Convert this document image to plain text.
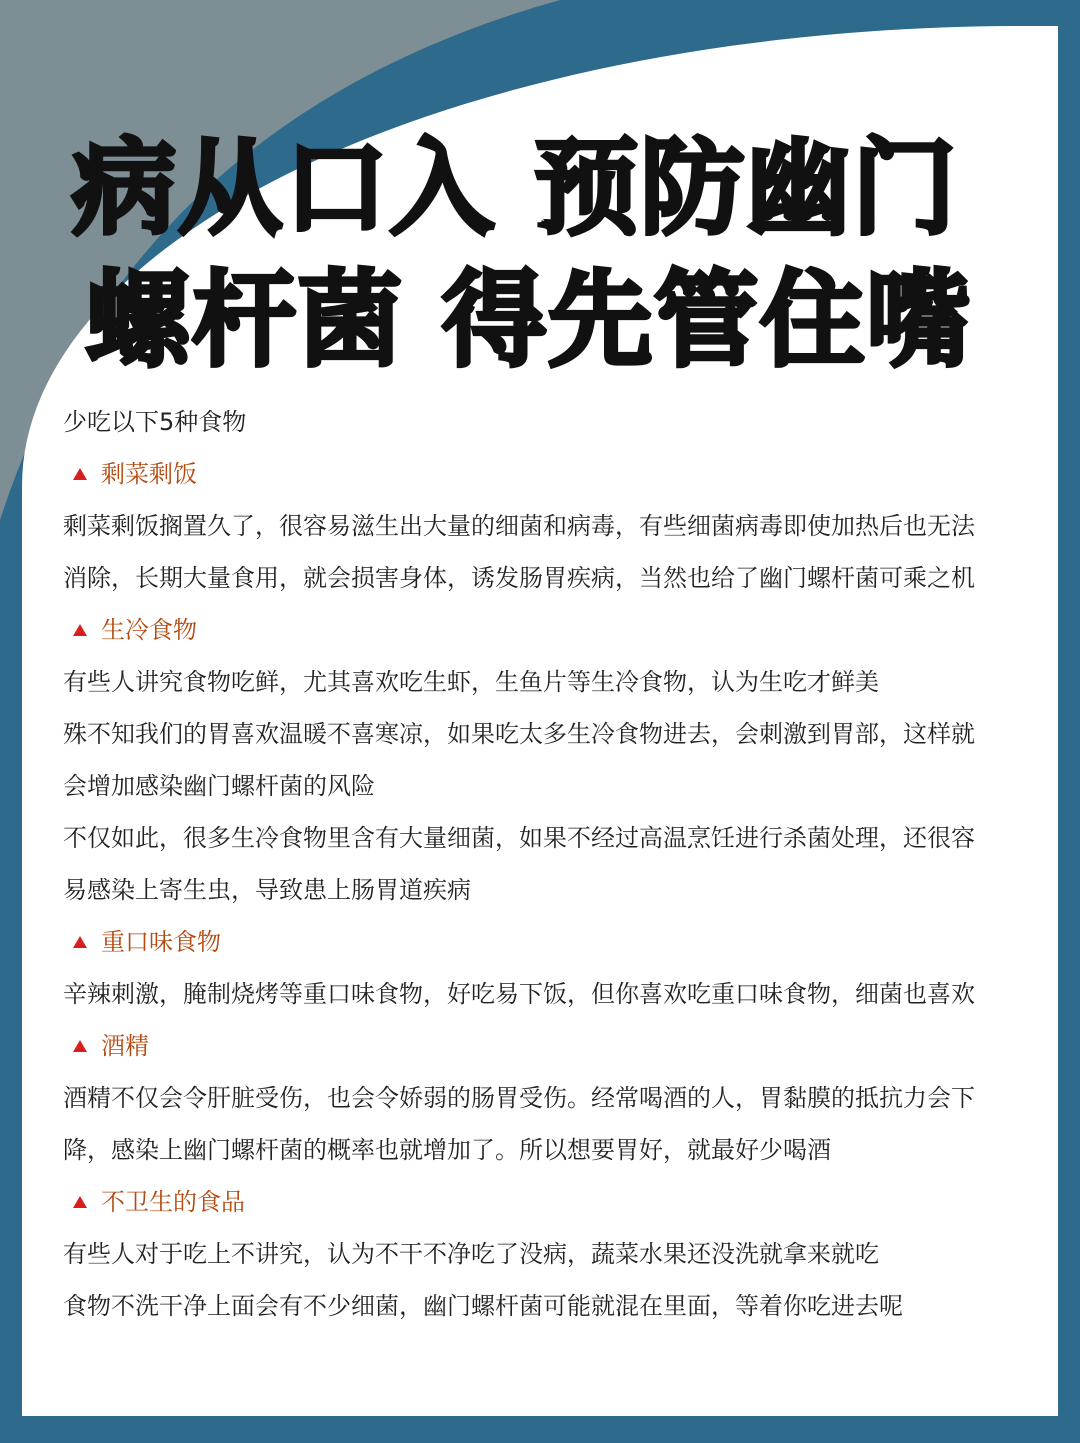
病从口入 预防幽门
螺杆菌 得先管住嘴
少吃以下5种食物
剩菜剩饭
剩菜剩饭搁置久了，很容易滋生出大量的细菌和病毒，有些细菌病毒即使加热后也无法
消除，长期大量食用，就会损害身体，诱发肠胃疾病，当然也给了幽门螺杆菌可乘之机
生冷食物
有些人讲究食物吃鲜，尤其喜欢吃生虾，生鱼片等生冷食物，认为生吃才鲜美
殊不知我们的胃喜欢温暖不喜寒凉，如果吃太多生冷食物进去，会刺激到胃部，这样就
会增加感染幽门螺杆菌的风险
不仅如此，很多生冷食物里含有大量细菌，如果不经过高温烹饪进行杀菌处理，还很容
易感染上寄生虫，导致患上肠胃道疾病
重口味食物
辛辣刺激，腌制烧烤等重口味食物，好吃易下饭，但你喜欢吃重口味食物，细菌也喜欢
酒精
酒精不仅会令肝脏受伤，也会令娇弱的肠胃受伤。经常喝酒的人，胃黏膜的抵抗力会下
降，感染上幽门螺杆菌的概率也就增加了。所以想要胃好，就最好少喝酒
不卫生的食品
有些人对于吃上不讲究，认为不干不净吃了没病，蔬菜水果还没洗就拿来就吃
食物不洗干净上面会有不少细菌，幽门螺杆菌可能就混在里面，等着你吃进去呢
